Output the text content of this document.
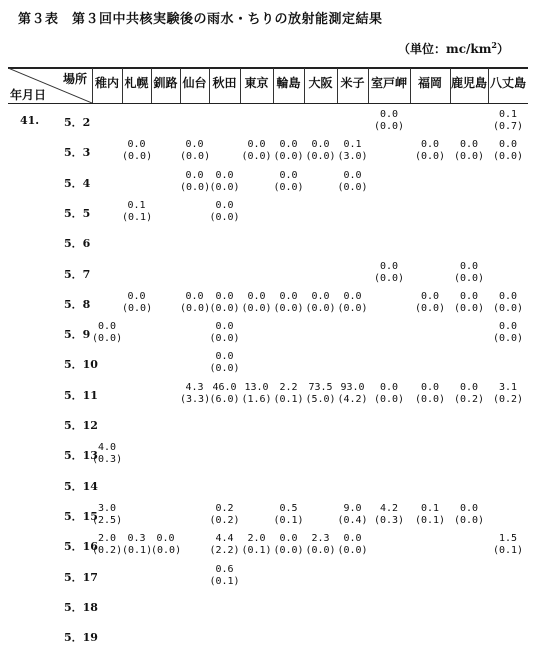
第３表　第３回中共核実験後の雨水・ちりの放射能測定結果
（単位：$mc/km^2$）
場所
年月日
41.
稚内 札幌 釧路 仙台 秋田 東京 輪島 大阪 米子 室戸岬 福岡 鹿児島 八丈島
5．2
0.0
(0.0)
0.1
(0.7)
5．3
0.0
(0.0)
0.0
(0.0)
0.0
(0.0)
0.0
(0.0)
0.0
(0.0)
0.1
(3.0)
0.0
(0.0)
0.0
(0.0)
0.0
(0.0)
5．4
0.0
(0.0)
0.0
(0.0)
0.0
(0.0)
0.0
(0.0)
5．5
0.1
(0.1)
0.0
(0.0)
5．6
5．7
0.0
(0.0)
0.0
(0.0)
5．8
0.0
(0.0)
0.0
(0.0)
0.0
(0.0)
0.0
(0.0)
0.0
(0.0)
0.0
(0.0)
0.0
(0.0)
0.0
(0.0)
0.0
(0.0)
0.0
(0.0)
5．9
0.0
(0.0)
0.0
(0.0)
0.0
(0.0)
5．10
0.0
(0.0)
5．11
4.3
(3.3)
46.0
(6.0)
13.0
(1.6)
2.2
(0.1)
73.5
(5.0)
93.0
(4.2)
0.0
(0.0)
0.0
(0.0)
0.0
(0.2)
3.1
(0.2)
5．12
5．13
4.0
(0.3)
5．14
5．15
3.0
(2.5)
0.2
(0.2)
0.5
(0.1)
9.0
(0.4)
4.2
(0.3)
0.1
(0.1)
0.0
(0.0)
5．16
2.0
(0.2)
0.3
(0.1)
0.0
(0.0)
4.4
(2.2)
2.0
(0.1)
0.0
(0.0)
2.3
(0.0)
0.0
(0.0)
1.5
(0.1)
5．17
0.6
(0.1)
5．18
5．19
